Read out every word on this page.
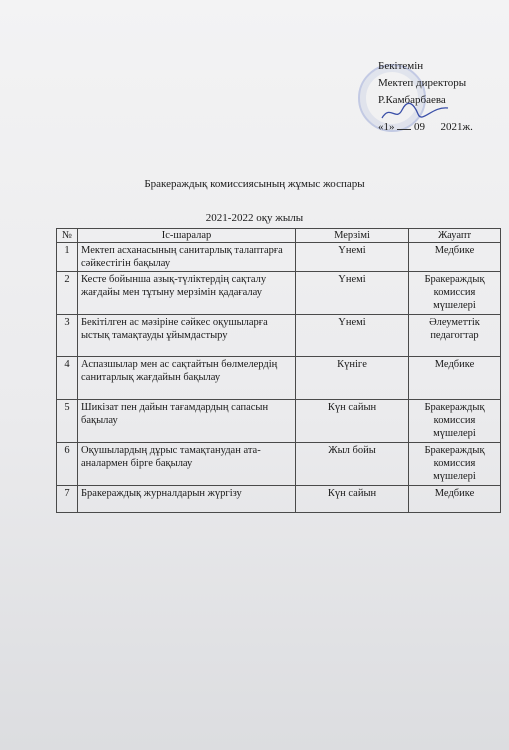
Бекітемін
Мектеп директоры
Р.Камбарбаева
«1» 09 2021ж.
Бракераждық комиссиясының жұмыс жоспары
2021-2022 оқу жылы
№	Іс-шаралар	Мерзімі	Жауапт
1	Мектеп асханасының санитарлық талаптарға сәйкестігін бақылау	Үнемі	Медбике
2	Кесте бойынша азық-түліктердің сақталу жағдайы мен тұтыну мерзімін қадағалау	Үнемі	Бракераждық комиссия мүшелері
3	Бекітілген ас мәзіріне сәйкес оқушыларға ыстық тамақтауды ұйымдастыру	Үнемі	Әлеуметтік педагогтар
4	Аспазшылар мен ас сақтайтын бөлмелердің санитарлық жағдайын бақылау	Күнігe	Медбике
5	Шикізат пен дайын тағамдардың сапасын бақылау	Күн сайын	Бракераждық комиссия мүшелері
6	Оқушылардың дұрыс тамақтанудан ата-аналармен бірге бақылау	Жыл бойы	Бракераждық комиссия мүшелері
7	Бракераждық журналдарын жүргізу	Күн сайын	Медбике
